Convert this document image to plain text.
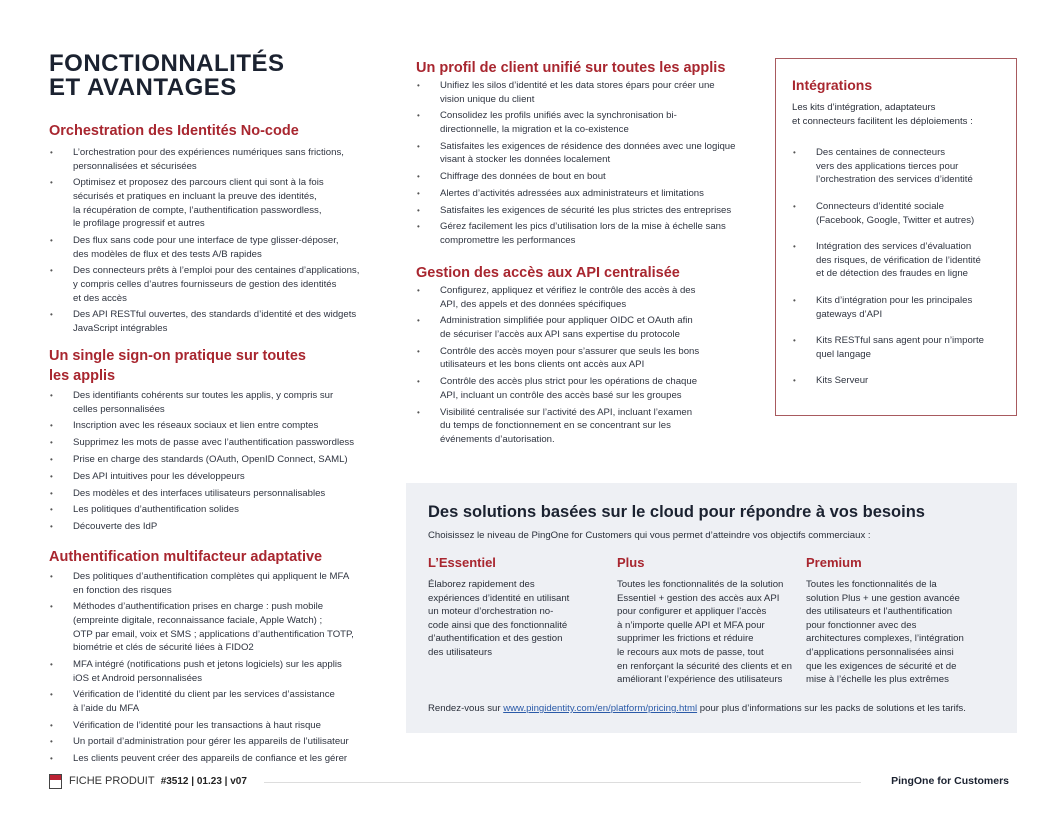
FONCTIONNALITÉS
ET AVANTAGES
Orchestration des Identités No-code
• L’orchestration pour des expériences numériques sans frictions,
personnalisées et sécurisées
• Optimisez et proposez des parcours client qui sont à la fois
sécurisés et pratiques en incluant la preuve des identités,
la récupération de compte, l’authentification passwordless,
le profilage progressif et autres
• Des flux sans code pour une interface de type glisser-déposer,
des modèles de flux et des tests A/B rapides
• Des connecteurs prêts à l’emploi pour des centaines d’applications,
y compris celles d’autres fournisseurs de gestion des identités
et des accès
• Des API RESTful ouvertes, des standards d’identité et des widgets
JavaScript intégrables
Un single sign-on pratique sur toutes
les applis
• Des identifiants cohérents sur toutes les applis, y compris sur
celles personnalisées
• Inscription avec les réseaux sociaux et lien entre comptes
• Supprimez les mots de passe avec l’authentification passwordless
• Prise en charge des standards (OAuth, OpenID Connect, SAML)
• Des API intuitives pour les développeurs
• Des modèles et des interfaces utilisateurs personnalisables
• Les politiques d’authentification solides
• Découverte des IdP
Authentification multifacteur adaptative
• Des politiques d’authentification complètes qui appliquent le MFA
en fonction des risques
• Méthodes d’authentification prises en charge : push mobile
(empreinte digitale, reconnaissance faciale, Apple Watch) ;
OTP par email, voix et SMS ; applications d’authentification TOTP,
biométrie et clés de sécurité liées à FIDO2
• MFA intégré (notifications push et jetons logiciels) sur les applis
iOS et Android personnalisées
• Vérification de l’identité du client par les services d’assistance
à l’aide du MFA
• Vérification de l’identité pour les transactions à haut risque
• Un portail d’administration pour gérer les appareils de l’utilisateur
• Les clients peuvent créer des appareils de confiance et les gérer
Un profil de client unifié sur toutes les applis
• Unifiez les silos d’identité et les data stores épars pour créer une
vision unique du client
• Consolidez les profils unifiés avec la synchronisation bi-
directionnelle, la migration et la co-existence
• Satisfaites les exigences de résidence des données avec une logique
visant à stocker les données localement
• Chiffrage des données de bout en bout
• Alertes d’activités adressées aux administrateurs et limitations
• Satisfaites les exigences de sécurité les plus strictes des entreprises
• Gérez facilement les pics d’utilisation lors de la mise à échelle sans
compromettre les performances
Gestion des accès aux API centralisée
• Configurez, appliquez et vérifiez le contrôle des accès à des
API, des appels et des données spécifiques
• Administration simplifiée pour appliquer OIDC et OAuth afin
de sécuriser l’accès aux API sans expertise du protocole
• Contrôle des accès moyen pour s’assurer que seuls les bons
utilisateurs et les bons clients ont accès aux API
• Contrôle des accès plus strict pour les opérations de chaque
API, incluant un contrôle des accès basé sur les groupes
• Visibilité centralisée sur l’activité des API, incluant l’examen
du temps de fonctionnement en se concentrant sur les
événements d’autorisation.
Intégrations
Les kits d’intégration, adaptateurs
et connecteurs facilitent les déploiements :
• Des centaines de connecteurs
vers des applications tierces pour
l’orchestration des services d’identité
• Connecteurs d’identité sociale
(Facebook, Google, Twitter et autres)
• Intégration des services d’évaluation
des risques, de vérification de l’identité
et de détection des fraudes en ligne
• Kits d’intégration pour les principales
gateways d’API
• Kits RESTful sans agent pour n’importe
quel langage
• Kits Serveur
Des solutions basées sur le cloud pour répondre à vos besoins
Choisissez le niveau de PingOne for Customers qui vous permet d’atteindre vos objectifs commerciaux :
L’Essentiel

Élaborez rapidement des
expériences d’identité en utilisant
un moteur d’orchestration no-
code ainsi que des fonctionnalité
d’authentification et des gestion
des utilisateurs

Plus

Toutes les fonctionnalités de la solution
Essentiel + gestion des accès aux API
pour configurer et appliquer l’accès
à n’importe quelle API et MFA pour
supprimer les frictions et réduire
le recours aux mots de passe, tout
en renforçant la sécurité des clients et en
améliorant l’expérience des utilisateurs

Premium

Toutes les fonctionnalités de la
solution Plus + une gestion avancée
des utilisateurs et l’authentification
pour fonctionner avec des
architectures complexes, l’intégration
d’applications personnalisées ainsi
que les exigences de sécurité et de
mise à l’échelle les plus extrêmes

Rendez-vous sur www.pingidentity.com/en/platform/pricing.html pour plus d’informations sur les packs de solutions et les tarifs.
FICHE PRODUIT #3512 | 01.23 | v07	PingOne for Customers
